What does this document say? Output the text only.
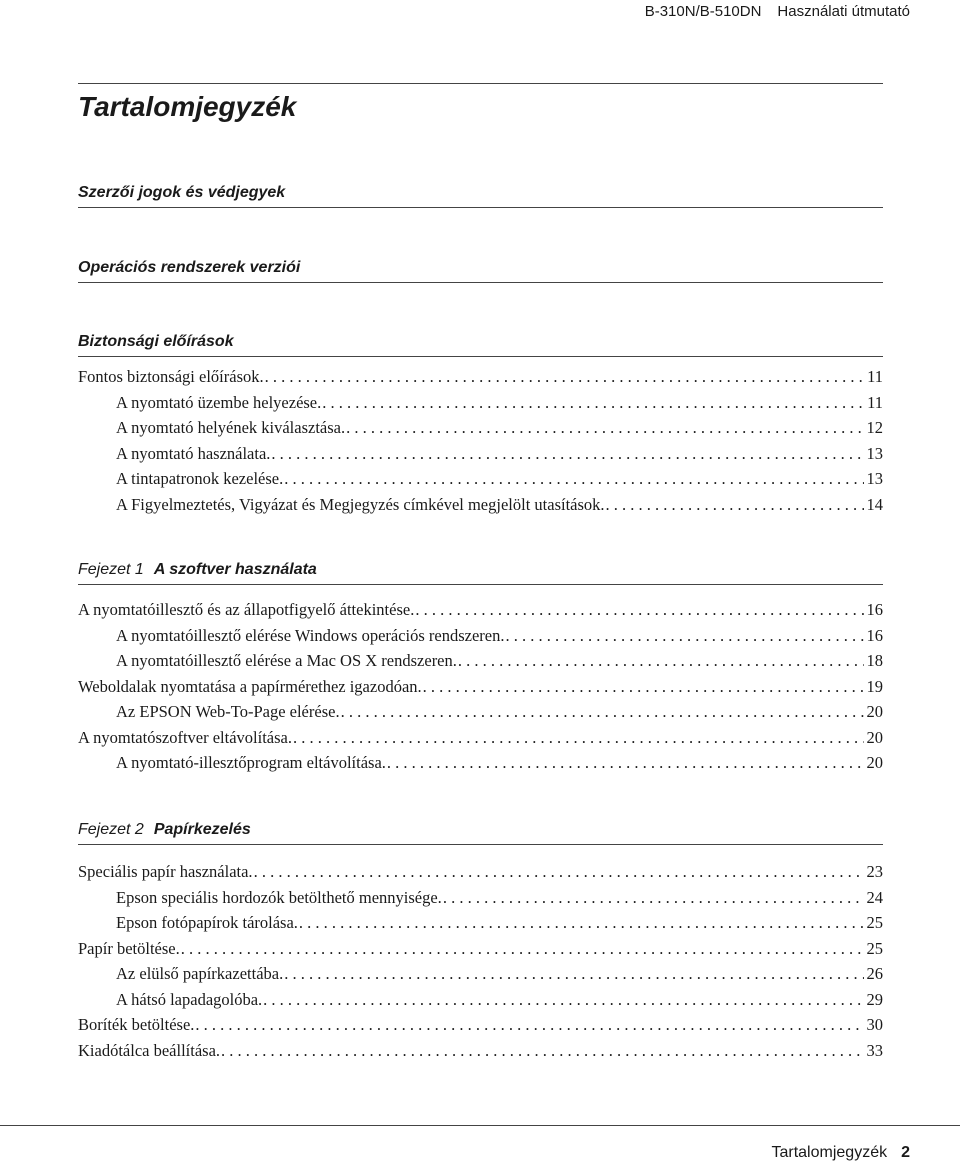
B-310N/B-510DN Használati útmutató
Tartalomjegyzék
Szerzői jogok és védjegyek
Operációs rendszerek verziói
Biztonsági előírások
Fontos biztonsági előírások. . . .	11
A nyomtató üzembe helyezése. . . .	11
A nyomtató helyének kiválasztása. . . .	12
A nyomtató használata. . . .	13
A tintapatronok kezelése. . . .	13
A Figyelmeztetés, Vigyázat és Megjegyzés címkével megjelölt utasítások. . . .	14
Fejezet 1 A szoftver használata
A nyomtatóillesztő és az állapotfigyelő áttekintése. . . .	16
A nyomtatóillesztő elérése Windows operációs rendszeren. . . .	16
A nyomtatóillesztő elérése a Mac OS X rendszeren. . . .	18
Weboldalak nyomtatása a papírmérethez igazodóan. . . .	19
Az EPSON Web-To-Page elérése. . . .	20
A nyomtatószoftver eltávolítása. . . .	20
A nyomtató-illesztőprogram eltávolítása. . . .	20
Fejezet 2 Papírkezelés
Speciális papír használata. . . .	23
Epson speciális hordozók betölthető mennyisége. . . .	24
Epson fotópapírok tárolása. . . .	25
Papír betöltése. . . .	25
Az elülső papírkazettába. . . .	26
A hátsó lapadagolóba. . . .	29
Boríték betöltése. . . .	30
Kiadótálca beállítása. . . .	33
Tartalomjegyzék 2
